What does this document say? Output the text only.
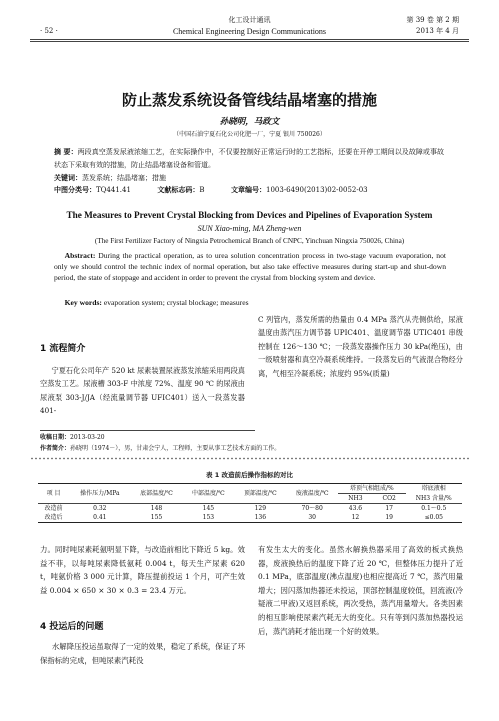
化工设计通讯
· 52 ·	Chemical Engineering Design Communications
第 39 卷 第 2 期
2013 年 4 月
防止蒸发系统设备管线结晶堵塞的措施
孙晓明，马政文
（中国石油宁夏石化公司化肥一厂，宁夏 银川 750026）
摘 要：两段真空蒸发尿液浓缩工艺，在实际操作中，不仅要控制好正常运行时的工艺指标，还要在开停工期间以及故障或事故状态下采取有效的措施，防止结晶堵塞设备和管道。
关键词：蒸发系统；结晶堵塞；措施
中图分类号：TQ441.41	文献标志码：B	文章编号：1003-6490(2013)02-0052-03
The Measures to Prevent Crystal Blocking from Devices and Pipelines of Evaporation System
SUN Xiao-ming, MA Zheng-wen
(The First Fertilizer Factory of Ningxia Petrochemical Branch of CNPC, Yinchuan Ningxia 750026, China)
Abstract: During the practical operation, as to urea solution concentration process in two-stage vacuum evaporation, not only we should control the technic index of normal operation, but also take effective measures during start-up and shut-down period, the state of stoppage and accident in order to prevent the crystal from blocking system and device.
Key words: evaporation system; crystal blockage; measures
1 流程简介

宁夏石化公司年产 520 kt 尿素装置尿液蒸发浓缩采用两段真空蒸发工艺。尿液槽 303-F 中浓度 72%、温度 90 ℃ 的尿液由尿液泵 303-J/JA（经流量调节器 UFIC401）送入一段蒸发器 401-

C 列管内，蒸发所需的热量由 0.4 MPa 蒸汽从壳侧供给，尿液温度由蒸汽压力调节器 UPIC401、温度调节器 UTIC401 串级控制在 126～130 ℃；一段蒸发器操作压力 30 kPa(绝压)，由一级喷射器和真空冷凝系统维持。一段蒸发后的气液混合物经分离，气相至冷凝系统；浓度约 95%(质量)

收稿日期：2013-03-20
作者简介：孙晓明（1974－），男，甘肃会宁人，工程师，主要从事工艺技术方面的工作。
表 1 改造前后操作指标的对比
项 目	操作压力/MPa	底部温度/℃	中部温度/℃	顶部温度/℃	废液温度/℃	塔顶气相组成/%		塔底液相
						NH3	CO2	NH3 含量/%
改造前	0.32	148	145	129	70～80	43.6	17	0.1～0.5
改造后	0.41	155	153	136	30	12	19	≤0.05

力。同时吨尿素耗氨明显下降，与改造前相比下降近 5 kg。效益不菲，以每吨尿素降低氨耗 0.004 t，每天生产尿素 620 t，吨氨价格 3 000 元计算，降压提前投运 1 个月，可产生效益 0.004 × 650 × 30 × 0.3 = 23.4 万元。

4 投运后的问题

水解降压投运虽取得了一定的效果，稳定了系统，保证了环保指标的完成，但吨尿素汽耗没

有发生太大的变化。虽然水解换热器采用了高效的板式换热器，废液换热后的温度下降了近 20 ℃，但整体压力提升了近 0.1 MPa，底部温度(沸点温度)也相应提高近 7 ℃，蒸汽用量增大；因闪蒸加热器还未投运，顶部控制温度较低，回流液(冷疑液二甲液)又返回系统，两次受热，蒸汽用量增大。各类因素的相互影响使尿素汽耗无大的变化。只有等到闪蒸加热器投运后，蒸汽消耗才能出现一个好的效果。
